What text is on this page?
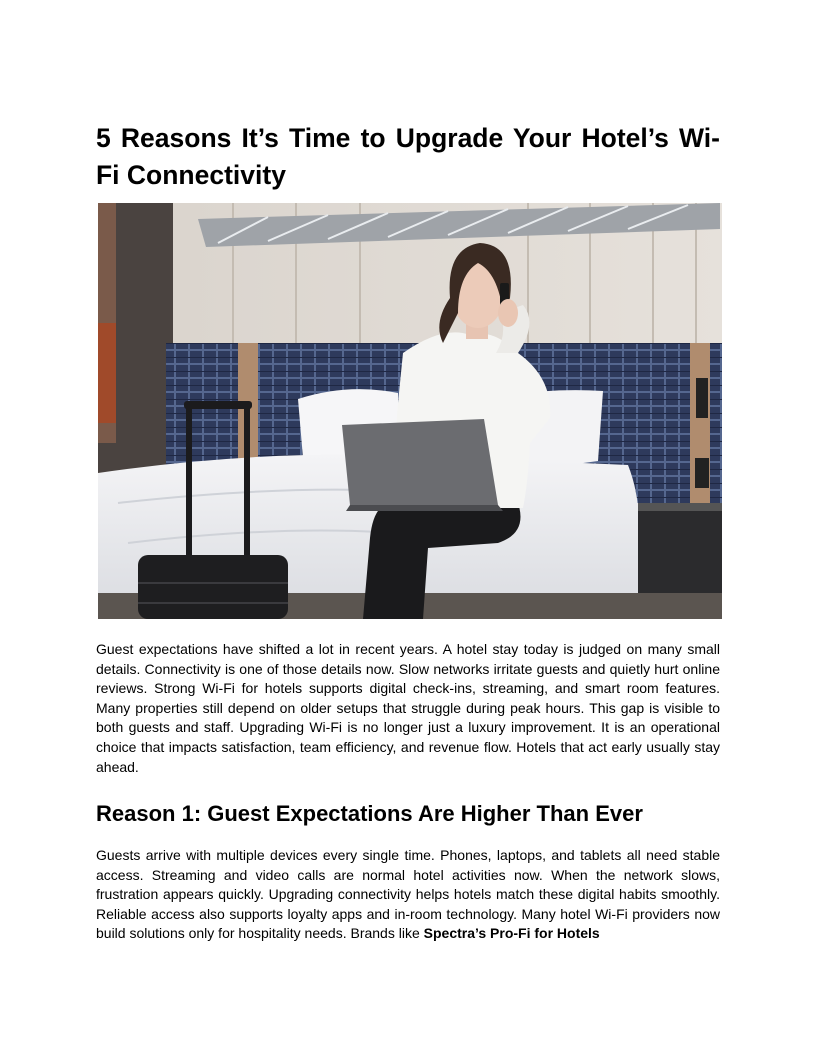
5 Reasons It’s Time to Upgrade Your Hotel’s Wi-Fi Connectivity

Guest expectations have shifted a lot in recent years. A hotel stay today is judged on many small details. Connectivity is one of those details now. Slow networks irritate guests and quietly hurt online reviews. Strong Wi-Fi for hotels supports digital check-ins, streaming, and smart room features. Many properties still depend on older setups that struggle during peak hours. This gap is visible to both guests and staff. Upgrading Wi-Fi is no longer just a luxury improvement. It is an operational choice that impacts satisfaction, team efficiency, and revenue flow. Hotels that act early usually stay ahead.

Reason 1: Guest Expectations Are Higher Than Ever

Guests arrive with multiple devices every single time. Phones, laptops, and tablets all need stable access. Streaming and video calls are normal hotel activities now. When the network slows, frustration appears quickly. Upgrading connectivity helps hotels match these digital habits smoothly. Reliable access also supports loyalty apps and in-room technology. Many hotel Wi-Fi providers now build solutions only for hospitality needs. Brands like Spectra’s Pro-Fi for Hotels
